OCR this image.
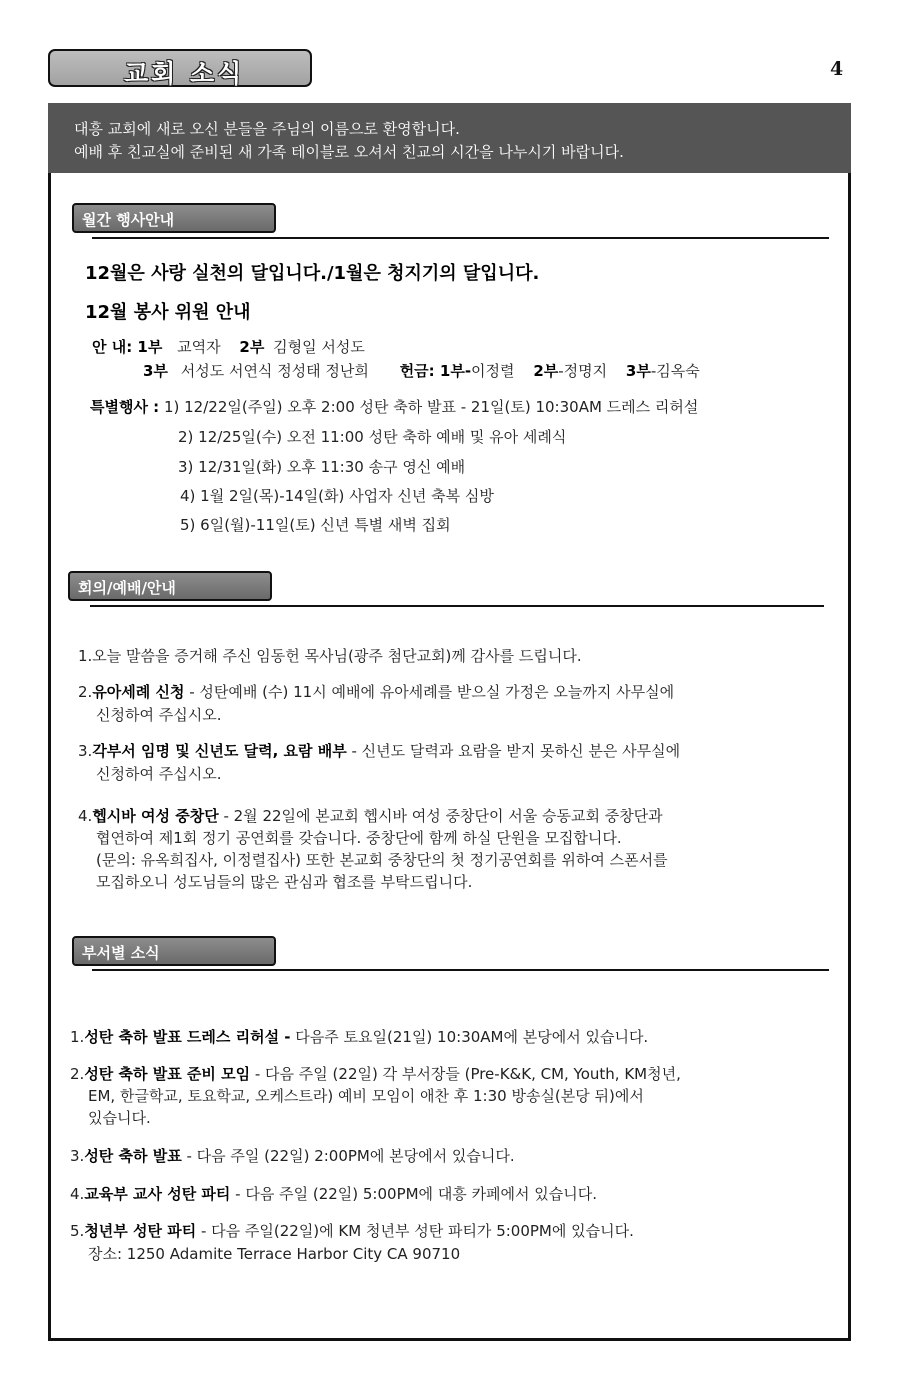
교회 소식	4
대흥 교회에 새로 오신 분들을 주님의 이름으로 환영합니다.
예배 후 친교실에 준비된 새 가족 테이블로 오셔서 친교의 시간을 나누시기 바랍니다.
월간 행사안내
12월은 사랑 실천의 달입니다./1월은 청지기의 달입니다.
12월 봉사 위원 안내
안 내: 1부 교역자 2부 김형일 서성도
3부 서성도 서연식 정성태 정난희 헌금: 1부-이정렬 2부-정명지 3부-김옥숙
특별행사 : 1) 12/22일(주일) 오후 2:00 성탄 축하 발표 - 21일(토) 10:30AM 드레스 리허설
2) 12/25일(수) 오전 11:00 성탄 축하 예배 및 유아 세례식
3) 12/31일(화) 오후 11:30 송구 영신 예배
4) 1월 2일(목)-14일(화) 사업자 신년 축복 심방
5) 6일(월)-11일(토) 신년 특별 새벽 집회
회의/예배/안내
1.오늘 말씀을 증거해 주신 임동헌 목사님(광주 첨단교회)께 감사를 드립니다.
2.유아세례 신청 - 성탄예배 (수) 11시 예배에 유아세례를 받으실 가정은 오늘까지 사무실에
신청하여 주십시오.
3.각부서 임명 및 신년도 달력, 요람 배부 - 신년도 달력과 요람을 받지 못하신 분은 사무실에
신청하여 주십시오.
4.헵시바 여성 중창단 - 2월 22일에 본교회 헵시바 여성 중창단이 서울 승동교회 중창단과
협연하여 제1회 정기 공연회를 갖습니다. 중창단에 함께 하실 단원을 모집합니다.
(문의: 유옥희집사, 이정렬집사) 또한 본교회 중창단의 첫 정기공연회를 위하여 스폰서를
모집하오니 성도님들의 많은 관심과 협조를 부탁드립니다.
부서별 소식
1.성탄 축하 발표 드레스 리허설 - 다음주 토요일(21일) 10:30AM에 본당에서 있습니다.
2.성탄 축하 발표 준비 모임 - 다음 주일 (22일) 각 부서장들 (Pre-K&K, CM, Youth, KM청년,
EM, 한글학교, 토요학교, 오케스트라) 예비 모임이 애찬 후 1:30 방송실(본당 뒤)에서
있습니다.
3.성탄 축하 발표 - 다음 주일 (22일) 2:00PM에 본당에서 있습니다.
4.교육부 교사 성탄 파티 - 다음 주일 (22일) 5:00PM에 대흥 카페에서 있습니다.
5.청년부 성탄 파티 - 다음 주일(22일)에 KM 청년부 성탄 파티가 5:00PM에 있습니다.
장소: 1250 Adamite Terrace Harbor City CA 90710
